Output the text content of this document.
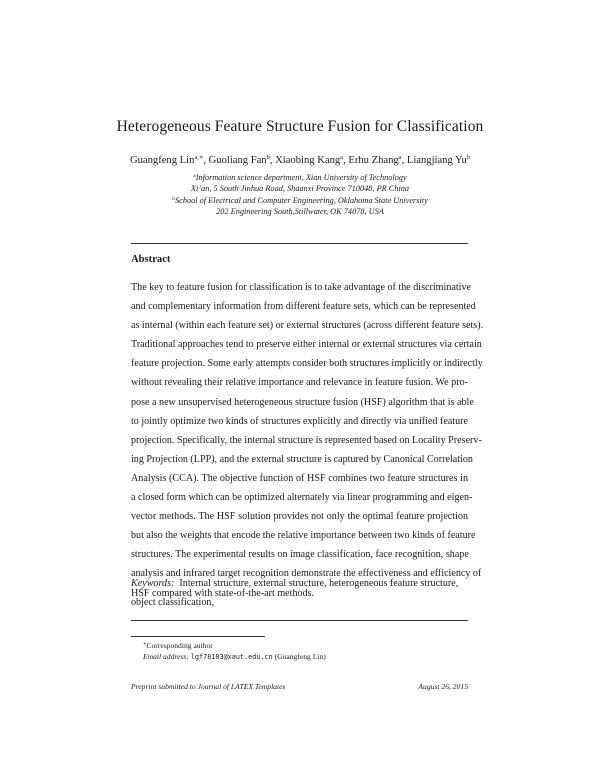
Heterogeneous Feature Structure Fusion for Classification
Guangfeng Lin$^{a,∗}$, Guoliang Fan$^b$, Xiaobing Kang$^a$, Erhu Zhang$^a$, Liangjiang Yu$^b$
$^a$Information science department, Xian University of Technology
Xi’an, 5 South Jinhua Road, Shaanxi Province 710048, PR China
$^b$School of Electrical and Computer Engineering, Oklahoma State University
202 Engineering South,Stillwater, OK 74078, USA
Abstract
The key to feature fusion for classification is to take advantage of the discriminative
and complementary information from different feature sets, which can be represented
as internal (within each feature set) or external structures (across different feature sets).
Traditional approaches tend to preserve either internal or external structures via certain
feature projection. Some early attempts consider both structures implicitly or indirectly
without revealing their relative importance and relevance in feature fusion. We pro-
pose a new unsupervised heterogeneous structure fusion (HSF) algorithm that is able
to jointly optimize two kinds of structures explicitly and directly via unified feature
projection. Specifically, the internal structure is represented based on Locality Preserv-
ing Projection (LPP), and the external structure is captured by Canonical Correlation
Analysis (CCA). The objective function of HSF combines two feature structures in
a closed form which can be optimized alternately via linear programming and eigen-
vector methods. The HSF solution provides not only the optimal feature projection
but also the weights that encode the relative importance between two kinds of feature
structures. The experimental results on image classification, face recognition, shape
analysis and infrared target recognition demonstrate the effectiveness and efficiency of
HSF compared with state-of-the-art methods.
Keywords: Internal structure, external structure, heterogeneous feature structure,
object classification,
∗Corresponding author
Email address: lgf78103@xaut.edu.cn (Guangfeng Lin)
Preprint submitted to Journal of LATEX Templates	August 26, 2015
